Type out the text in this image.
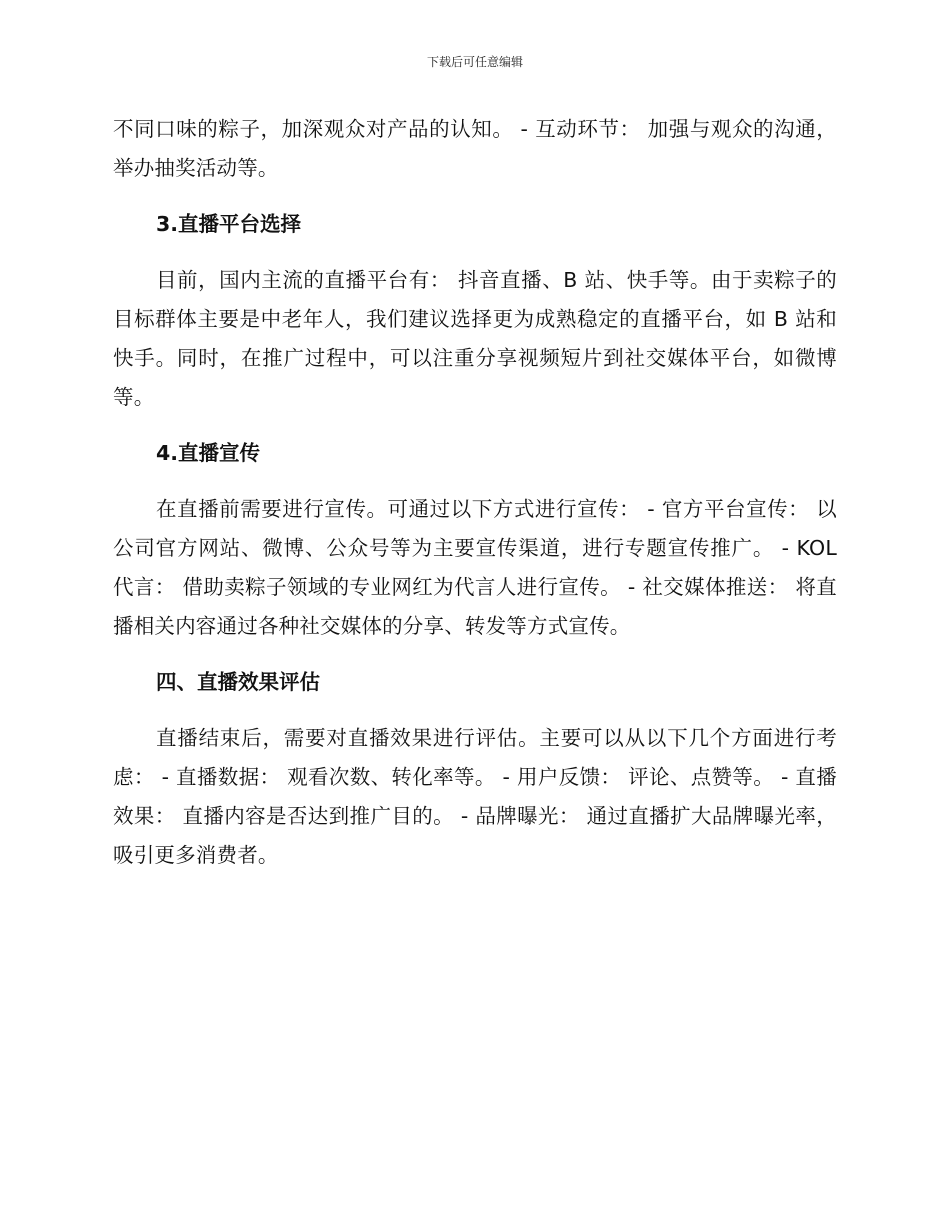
下载后可任意编辑

不同口味的粽子，加深观众对产品的认知。 - 互动环节： 加强与观众的沟通，举办抽奖活动等。

3.直播平台选择

目前，国内主流的直播平台有： 抖音直播、B 站、快手等。由于卖粽子的目标群体主要是中老年人，我们建议选择更为成熟稳定的直播平台，如 B 站和快手。同时，在推广过程中，可以注重分享视频短片到社交媒体平台，如微博等。

4.直播宣传

在直播前需要进行宣传。可通过以下方式进行宣传： - 官方平台宣传： 以公司官方网站、微博、公众号等为主要宣传渠道，进行专题宣传推广。 - KOL 代言： 借助卖粽子领域的专业网红为代言人进行宣传。 - 社交媒体推送： 将直播相关内容通过各种社交媒体的分享、转发等方式宣传。

四、直播效果评估

直播结束后，需要对直播效果进行评估。主要可以从以下几个方面进行考虑： - 直播数据： 观看次数、转化率等。 - 用户反馈： 评论、点赞等。 - 直播效果： 直播内容是否达到推广目的。 - 品牌曝光： 通过直播扩大品牌曝光率，吸引更多消费者。
